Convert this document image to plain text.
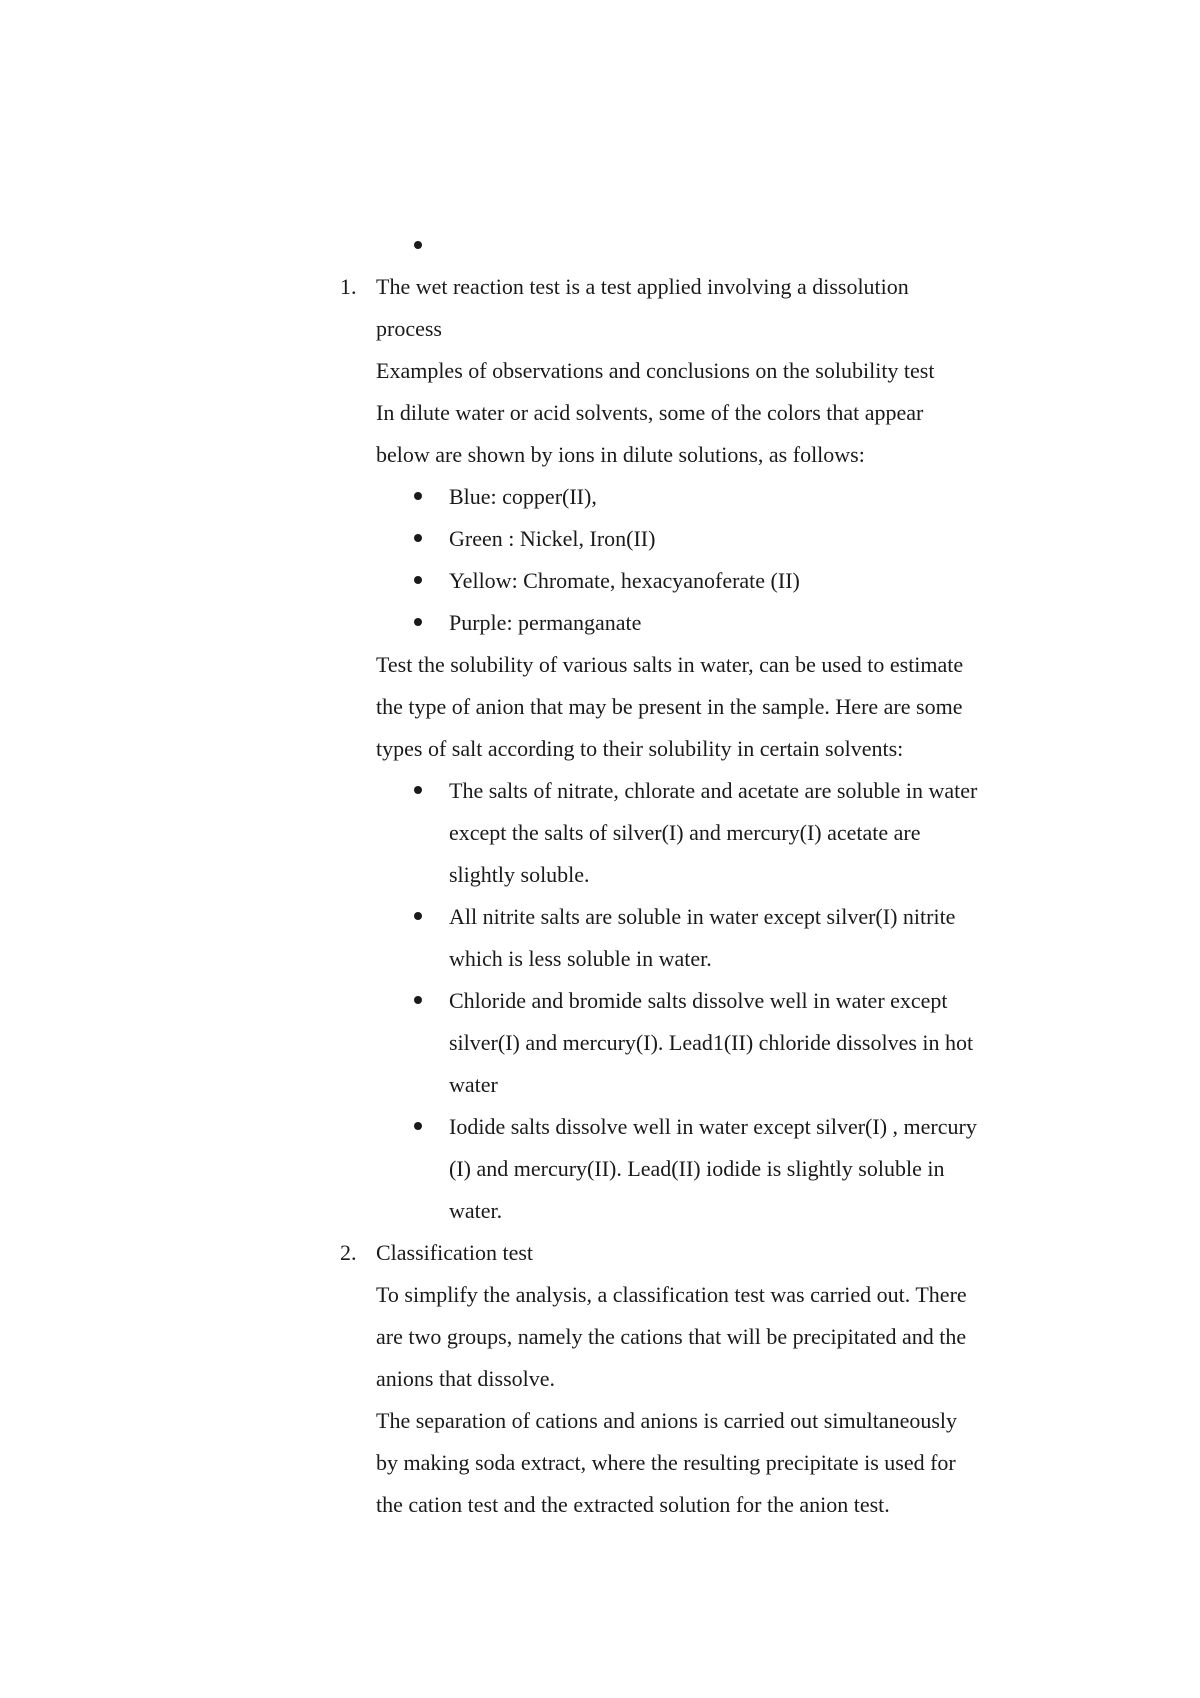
1. The wet reaction test is a test applied involving a dissolution
process
Examples of observations and conclusions on the solubility test
In dilute water or acid solvents, some of the colors that appear
below are shown by ions in dilute solutions, as follows:
Blue: copper(II),
Green : Nickel, Iron(II)
Yellow: Chromate, hexacyanoferate (II)
Purple: permanganate
Test the solubility of various salts in water, can be used to estimate
the type of anion that may be present in the sample. Here are some
types of salt according to their solubility in certain solvents:
The salts of nitrate, chlorate and acetate are soluble in water
except the salts of silver(I) and mercury(I) acetate are
slightly soluble.
All nitrite salts are soluble in water except silver(I) nitrite
which is less soluble in water.
Chloride and bromide salts dissolve well in water except
silver(I) and mercury(I). Lead1(II) chloride dissolves in hot
water
Iodide salts dissolve well in water except silver(I) , mercury
(I) and mercury(II). Lead(II) iodide is slightly soluble in
water.
2. Classification test
To simplify the analysis, a classification test was carried out. There
are two groups, namely the cations that will be precipitated and the
anions that dissolve.
The separation of cations and anions is carried out simultaneously
by making soda extract, where the resulting precipitate is used for
the cation test and the extracted solution for the anion test.
